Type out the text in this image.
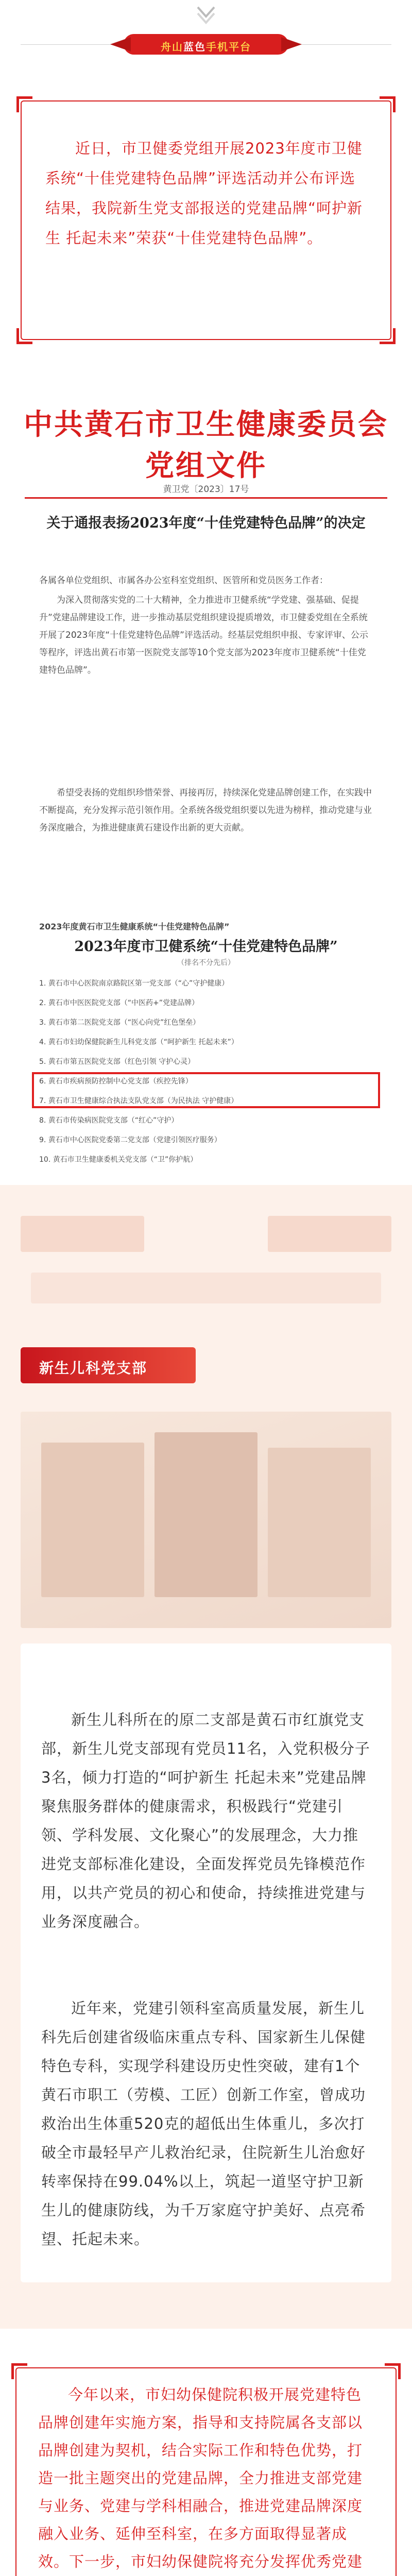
舟山蓝色手机平台

近日，市卫健委党组开展2023年度市卫健系统“十佳党建特色品牌”评选活动并公布评选结果，我院新生党支部报送的党建品牌“呵护新生 托起未来”荣获“十佳党建特色品牌”。

中共黄石市卫生健康委员会党组文件
黄卫党〔2023〕17号
关于通报表扬2023年度“十佳党建特色品牌”的决定

各属各单位党组织、市属各办公室科室党组织、医管所和党员医务工作者：

为深入贯彻落实党的二十大精神，全力推进市卫健系统“学党建、强基础、促提升”党建品牌建设工作，进一步推动基层党组织建设提质增效，市卫健委党组在全系统开展了2023年度“十佳党建特色品牌”评选活动。经基层党组织申报、专家评审、公示等程序，评选出黄石市第一医院党支部等10个党支部为2023年度市卫健系统“十佳党建特色品牌”。

希望受表扬的党组织珍惜荣誉、再接再厉，持续深化党建品牌创建工作，在实践中不断提高，充分发挥示范引领作用。全系统各级党组织要以先进为榜样，推动党建与业务深度融合，为推进健康黄石建设作出新的更大贡献。

2023年度黄石市卫生健康系统“十佳党建特色品牌”

2023年度市卫健系统“十佳党建特色品牌”
（排名不分先后）
1. 黄石市中心医院南京路院区第一党支部（“心”守护健康）
2. 黄石市中医医院党支部（“中医药+”党建品牌）
3. 黄石市第二医院党支部（“医心向党”红色堡垒）
4. 黄石市妇幼保健院新生儿科党支部（“呵护新生 托起未来”）
5. 黄石市第五医院党支部（红色引领 守护心灵）
6. 黄石市疾病预防控制中心党支部（疾控先锋）
7. 黄石市卫生健康综合执法支队党支部（为民执法 守护健康）
8. 黄石市传染病医院党支部（“红心”守护）
9. 黄石市中心医院党委第二党支部（党建引领医疗服务）
10. 黄石市卫生健康委机关党支部（“卫”你护航）
新生儿科党支部

新生儿科所在的原二支部是黄石市红旗党支部，新生儿党支部现有党员11名，入党积极分子3名，倾力打造的“呵护新生 托起未来”党建品牌聚焦服务群体的健康需求，积极践行“党建引领、学科发展、文化聚心”的发展理念，大力推进党支部标准化建设，全面发挥党员先锋模范作用，以共产党员的初心和使命，持续推进党建与业务深度融合。

近年来，党建引领科室高质量发展，新生儿科先后创建省级临床重点专科、国家新生儿保健特色专科，实现学科建设历史性突破，建有1个黄石市职工（劳模、工匠）创新工作室，曾成功救治出生体重520克的超低出生体重儿，多次打破全市最轻早产儿救治纪录，住院新生儿治愈好转率保持在99.04%以上，筑起一道坚守护卫新生儿的健康防线，为千万家庭守护美好、点亮希望、托起未来。

今年以来，市妇幼保健院积极开展党建特色品牌创建年实施方案，指导和支持院属各支部以品牌创建为契机，结合实际工作和特色优势，打造一批主题突出的党建品牌，全力推进支部党建与业务、党建与学科相融合，推进党建品牌深度融入业务、延伸至科室，在多方面取得显著成效。下一步，市妇幼保健院将充分发挥优秀党建
